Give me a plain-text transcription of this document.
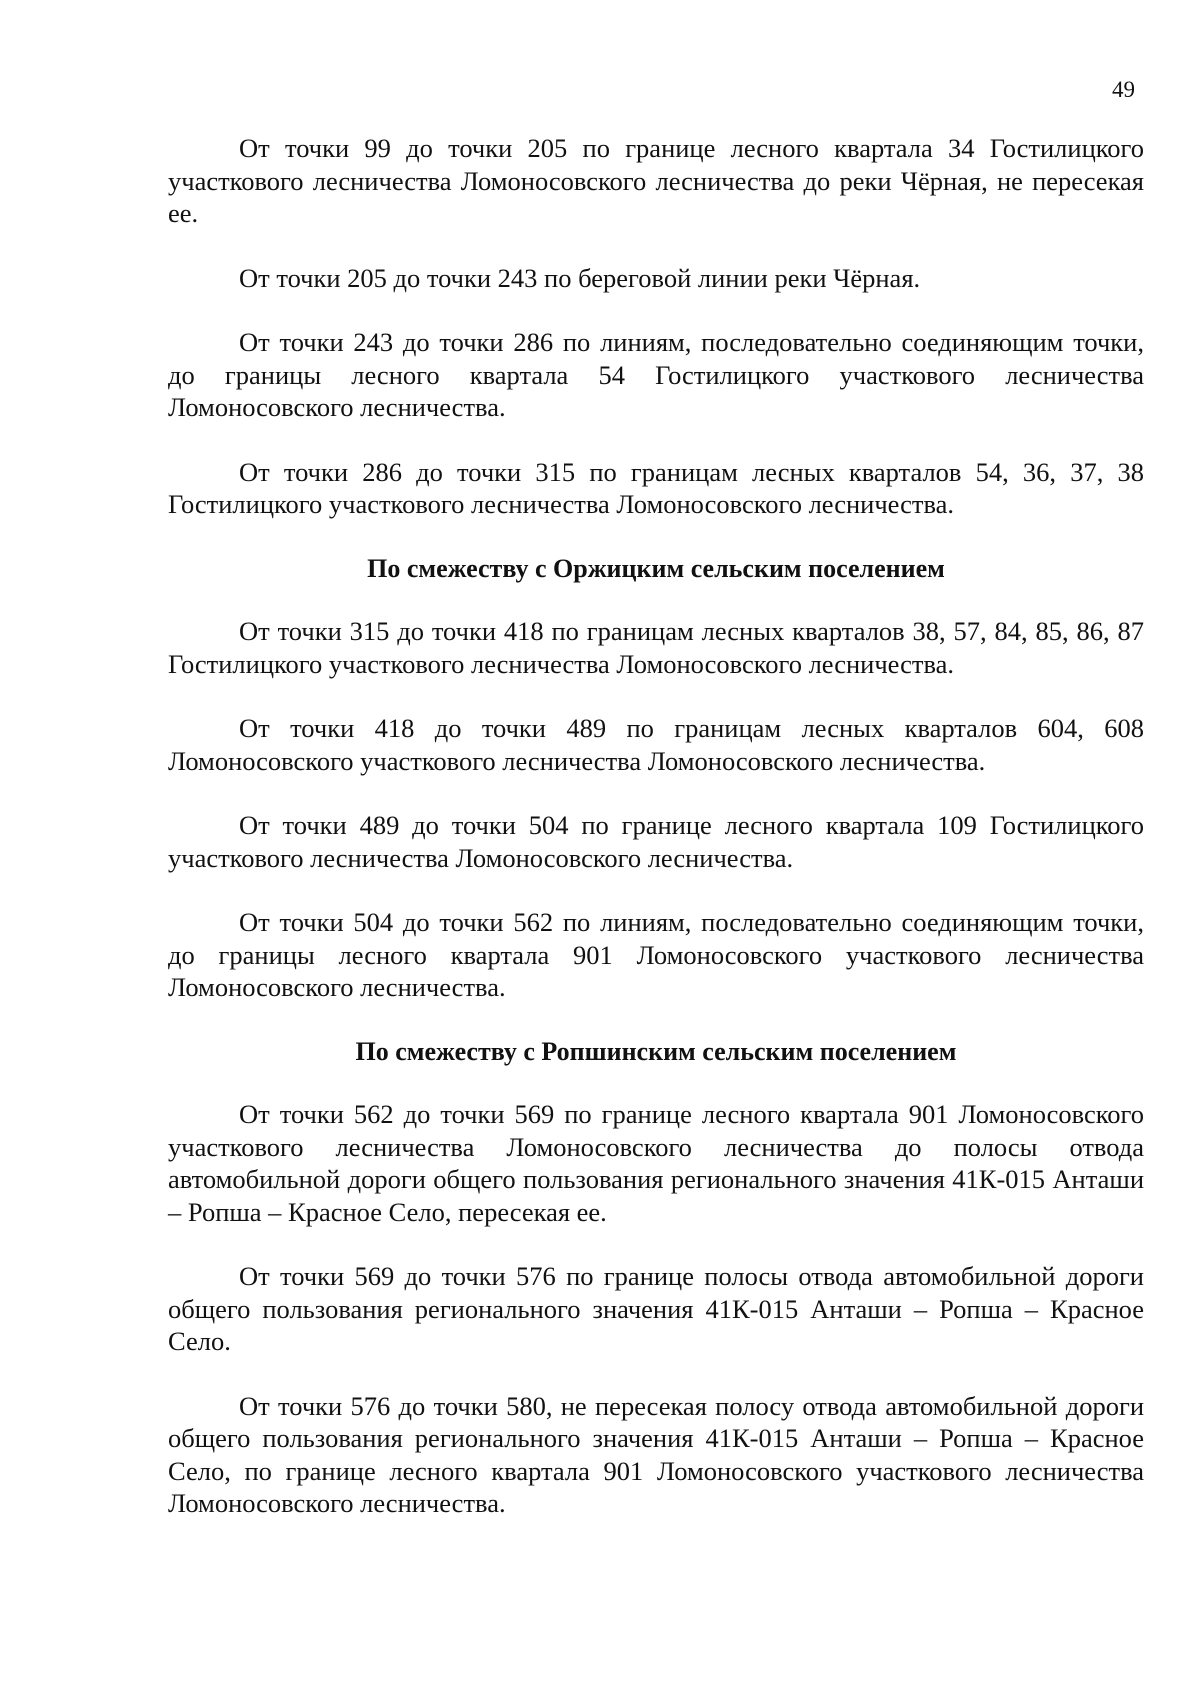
49

От точки 99 до точки 205 по границе лесного квартала 34 Гостилицкого участкового лесничества Ломоносовского лесничества до реки Чёрная, не пересекая ее.

От точки 205 до точки 243 по береговой линии реки Чёрная.

От точки 243 до точки 286 по линиям, последовательно соединяющим точки, до границы лесного квартала 54 Гостилицкого участкового лесничества Ломоносовского лесничества.

От точки 286 до точки 315 по границам лесных кварталов 54, 36, 37, 38 Гостилицкого участкового лесничества Ломоносовского лесничества.

По смежеству с Оржицким сельским поселением

От точки 315 до точки 418 по границам лесных кварталов 38, 57, 84, 85, 86, 87 Гостилицкого участкового лесничества Ломоносовского лесничества.

От точки 418 до точки 489 по границам лесных кварталов 604, 608 Ломоносовского участкового лесничества Ломоносовского лесничества.

От точки 489 до точки 504 по границе лесного квартала 109 Гостилицкого участкового лесничества Ломоносовского лесничества.

От точки 504 до точки 562 по линиям, последовательно соединяющим точки, до границы лесного квартала 901 Ломоносовского участкового лесничества Ломоносовского лесничества.

По смежеству с Ропшинским сельским поселением

От точки 562 до точки 569 по границе лесного квартала 901 Ломоносовского участкового лесничества Ломоносовского лесничества до полосы отвода автомобильной дороги общего пользования регионального значения 41К-015 Анташи – Ропша – Красное Село, пересекая ее.

От точки 569 до точки 576 по границе полосы отвода автомобильной дороги общего пользования регионального значения 41К-015 Анташи – Ропша – Красное Село.

От точки 576 до точки 580, не пересекая полосу отвода автомобильной дороги общего пользования регионального значения 41К-015 Анташи – Ропша – Красное Село, по границе лесного квартала 901 Ломоносовского участкового лесничества Ломоносовского лесничества.
